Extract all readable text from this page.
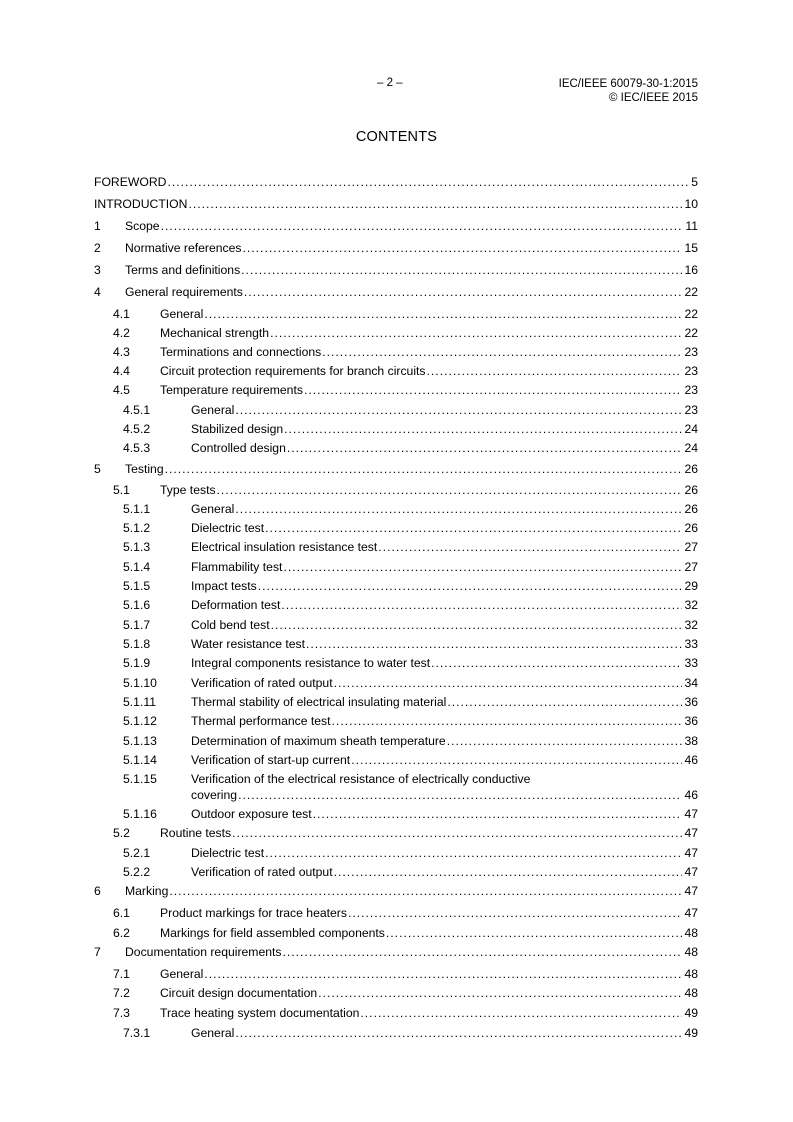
– 2 –	IEC/IEEE 60079-30-1:2015
© IEC/IEEE 2015
CONTENTS
FOREWORD .....	5
INTRODUCTION .....	10
1 Scope .....	11
2 Normative references .....	15
3 Terms and definitions .....	16
4 General requirements .....	22
4.1 General .....	22
4.2 Mechanical strength .....	22
4.3 Terminations and connections .....	23
4.4 Circuit protection requirements for branch circuits .....	23
4.5 Temperature requirements .....	23
4.5.1	General .....	23
4.5.2	Stabilized design .....	24
4.5.3	Controlled design .....	24
5 Testing .....	26
5.1 Type tests .....	26
5.1.1	General .....	26
5.1.2	Dielectric test .....	26
5.1.3	Electrical insulation resistance test .....	27
5.1.4	Flammability test .....	27
5.1.5	Impact tests .....	29
5.1.6	Deformation test .....	32
5.1.7	Cold bend test .....	32
5.1.8	Water resistance test .....	33
5.1.9	Integral components resistance to water test .....	33
5.1.10	Verification of rated output .....	34
5.1.11	Thermal stability of electrical insulating material .....	36
5.1.12	Thermal performance test .....	36
5.1.13	Determination of maximum sheath temperature .....	38
5.1.14	Verification of start-up current .....	46
5.1.15	Verification of the electrical resistance of electrically conductive
covering .....	46
5.1.16	Outdoor exposure test .....	47
5.2 Routine tests .....	47
5.2.1	Dielectric test .....	47
5.2.2	Verification of rated output .....	47
6 Marking .....	47
6.1 Product markings for trace heaters .....	47
6.2 Markings for field assembled components .....	48
7 Documentation requirements .....	48
7.1 General .....	48
7.2 Circuit design documentation .....	48
7.3 Trace heating system documentation .....	49
7.3.1	General .....	49
